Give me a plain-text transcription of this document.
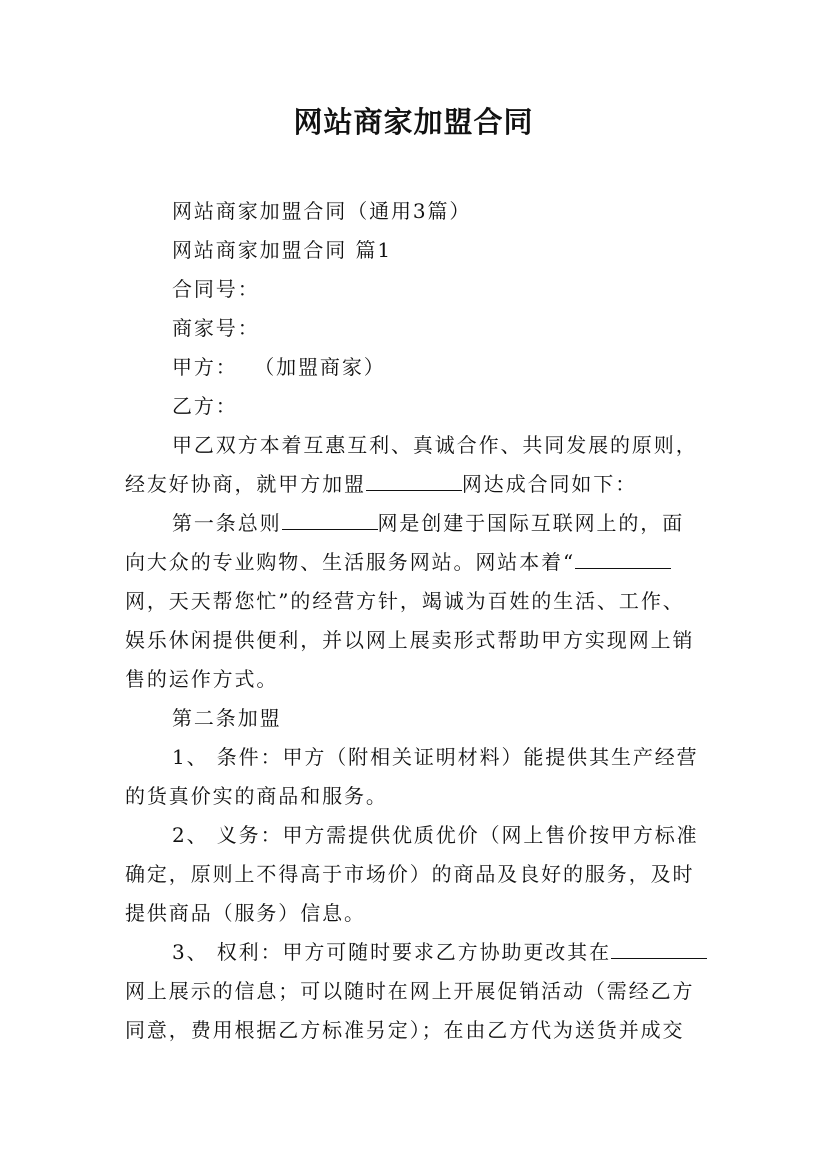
网站商家加盟合同
网站商家加盟合同（通用3篇）
网站商家加盟合同 篇1
合同号：
商家号：
甲方： （加盟商家）
乙方：
甲乙双方本着互惠互利、真诚合作、共同发展的原则，
经友好协商，就甲方加盟	网达成合同如下：
第一条总则	网是创建于国际互联网上的，面
向大众的专业购物、生活服务网站。网站本着“
网，天天帮您忙”的经营方针，竭诚为百姓的生活、工作、
娱乐休闲提供便利，并以网上展卖形式帮助甲方实现网上销
售的运作方式。
第二条加盟
1、 条件：甲方（附相关证明材料）能提供其生产经营
的货真价实的商品和服务。
2、 义务：甲方需提供优质优价（网上售价按甲方标准
确定，原则上不得高于市场价）的商品及良好的服务，及时
提供商品（服务）信息。
3、 权利：甲方可随时要求乙方协助更改其在
网上展示的信息；可以随时在网上开展促销活动（需经乙方
同意，费用根据乙方标准另定）；在由乙方代为送货并成交
